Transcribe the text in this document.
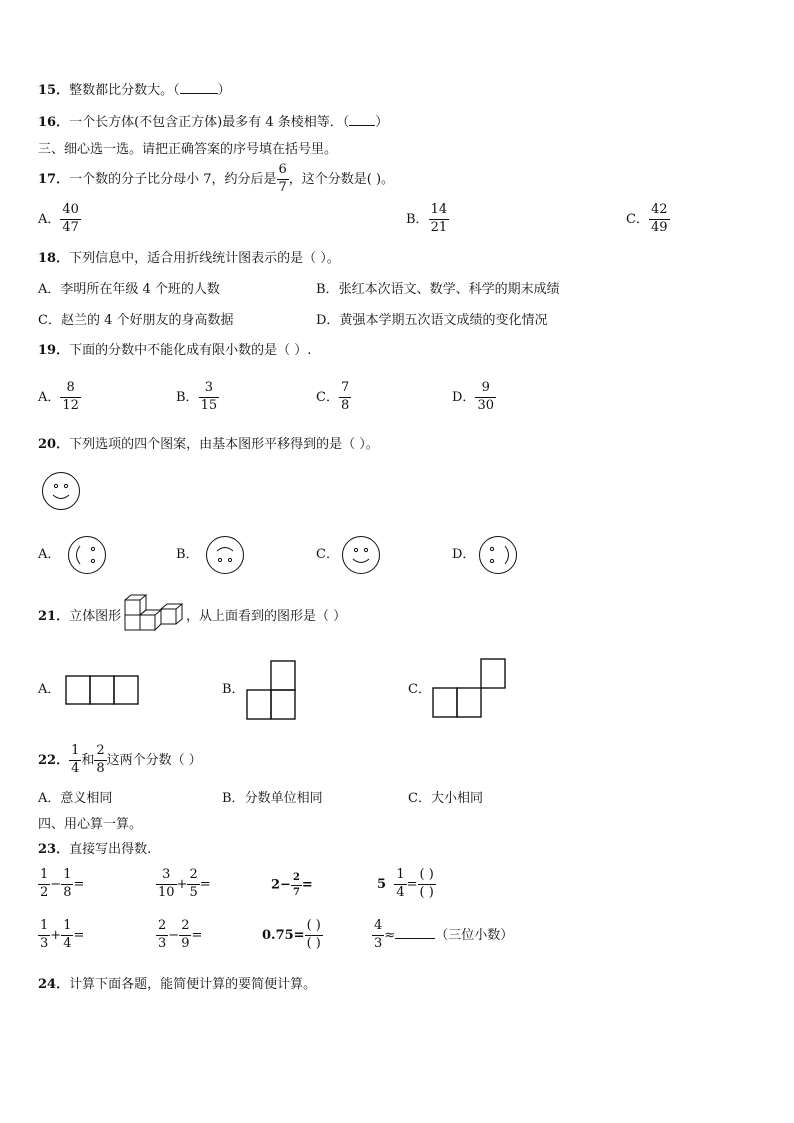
15．整数都比分数大。（	）
16．一个长方体(不包含正方体)最多有 4 条棱相等．（ ）
三、细心选一选。请把正确答案的序号填在括号里。
17．一个数的分子比分母小 7，约分后是 $\frac{6}{7}$ ，这个分数是( )。
A． $\frac{40}{47}$	B． $\frac{14}{21}$	C． $\frac{42}{49}$
18．下列信息中，适合用折线统计图表示的是（ ）。
A．李明所在年级 4 个班的人数	B．张红本次语文、数学、科学的期末成绩
C．赵兰的 4 个好朋友的身高数据	D．黄强本学期五次语文成绩的变化情况
19．下面的分数中不能化成有限小数的是（ ）.
A． $\frac{8}{12}$	B． $\frac{3}{15}$	C． $\frac{7}{8}$	D． $\frac{9}{30}$
20．下列选项的四个图案，由基本图形平移得到的是（ ）。
A．	B．	C．	D．
21．立体图形	，从上面看到的图形是（ ）
A．	B．	C．
22． $\frac{1}{4}$ 和 $\frac{2}{8}$ 这两个分数（ ）
A．意义相同	B．分数单位相同	C．大小相同
四、用心算一算。
23．直接写出得数.
$\frac{1}{2} - \frac{1}{8}$ =	$\frac{3}{10} + \frac{2}{5}$ =	$2- \frac{2}{7}$ =	$5 \frac{1}{4} = \frac{( )}{( )}$
$\frac{1}{3} + \frac{1}{4}$ =	$\frac{2}{3} - \frac{2}{9}$ =	$0.75= \frac{( )}{( )}$	$\frac{4}{3}$ ≈	（三位小数）
24．计算下面各题，能简便计算的要简便计算。
